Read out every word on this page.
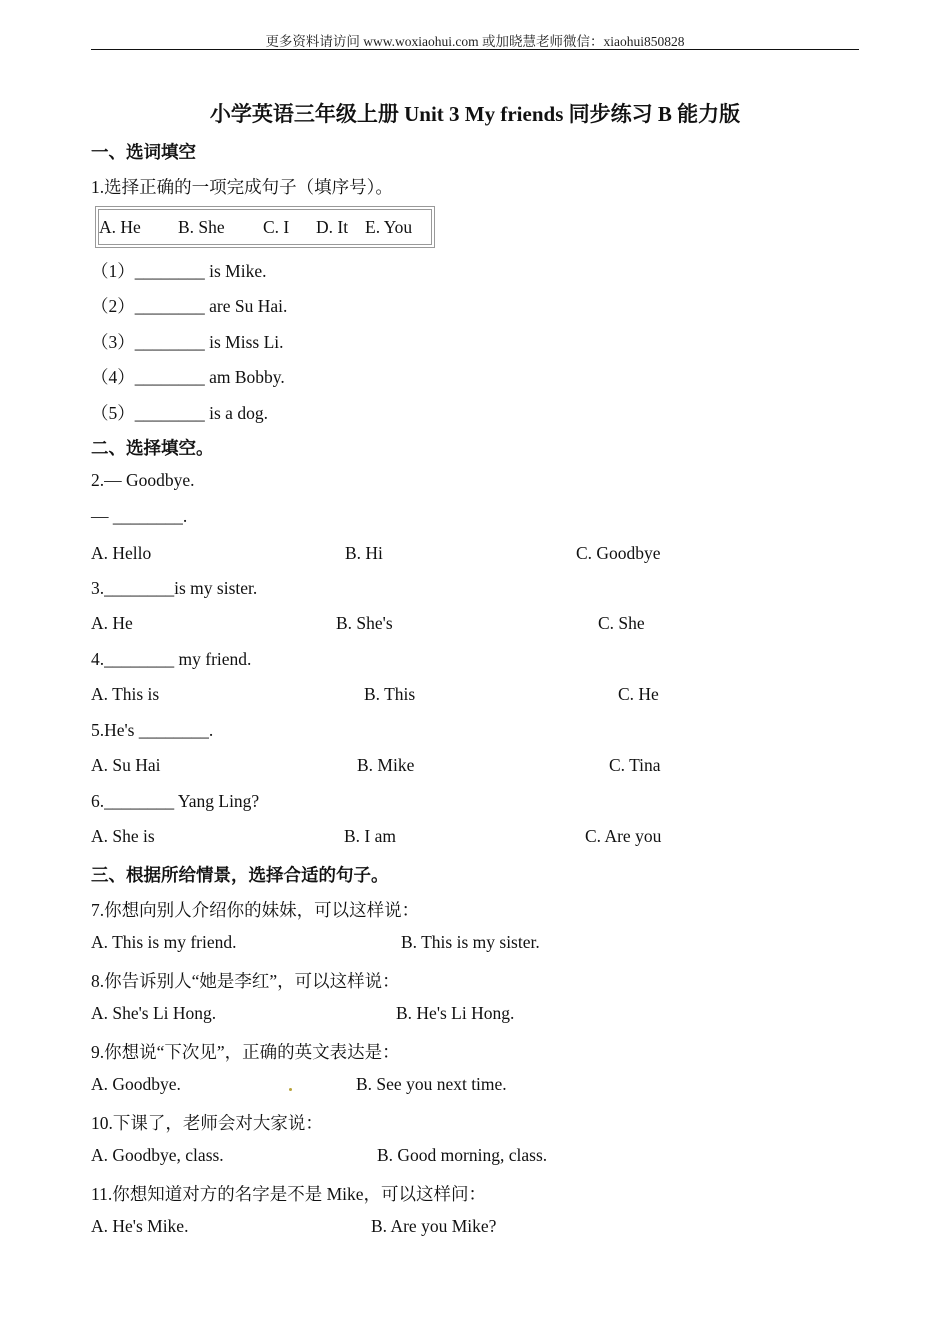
更多资料请访问 www.woxiaohui.com 或加晓慧老师微信：xiaohui850828
小学英语三年级上册 Unit 3 My friends 同步练习 B 能力版
一、选词填空
1.选择正确的一项完成句子（填序号）。
A. He B. She C. I D. It E. You
（1）________ is Mike.
（2）________ are Su Hai.
（3）________ is Miss Li.
（4）________ am Bobby.
（5）________ is a dog.
二、选择填空。
2.— Goodbye.
— ________.
A. Hello	B. Hi	C. Goodbye
3.________is my sister.
A. He	B. She's	C. She
4.________ my friend.
A. This is	B. This	C. He
5.He's ________.
A. Su Hai	B. Mike	C. Tina
6.________ Yang Ling?
A. She is	B. I am	C. Are you
三、根据所给情景，选择合适的句子。
7.你想向别人介绍你的妹妹，可以这样说：
A. This is my friend.	B. This is my sister.
8.你告诉别人“她是李红”，可以这样说：
A. She's Li Hong.	B. He's Li Hong.
9.你想说“下次见”，正确的英文表达是：
A. Goodbye.	B. See you next time.
10.下课了，老师会对大家说：
A. Goodbye, class.	B. Good morning, class.
11.你想知道对方的名字是不是 Mike，可以这样问：
A. He's Mike.	B. Are you Mike?
